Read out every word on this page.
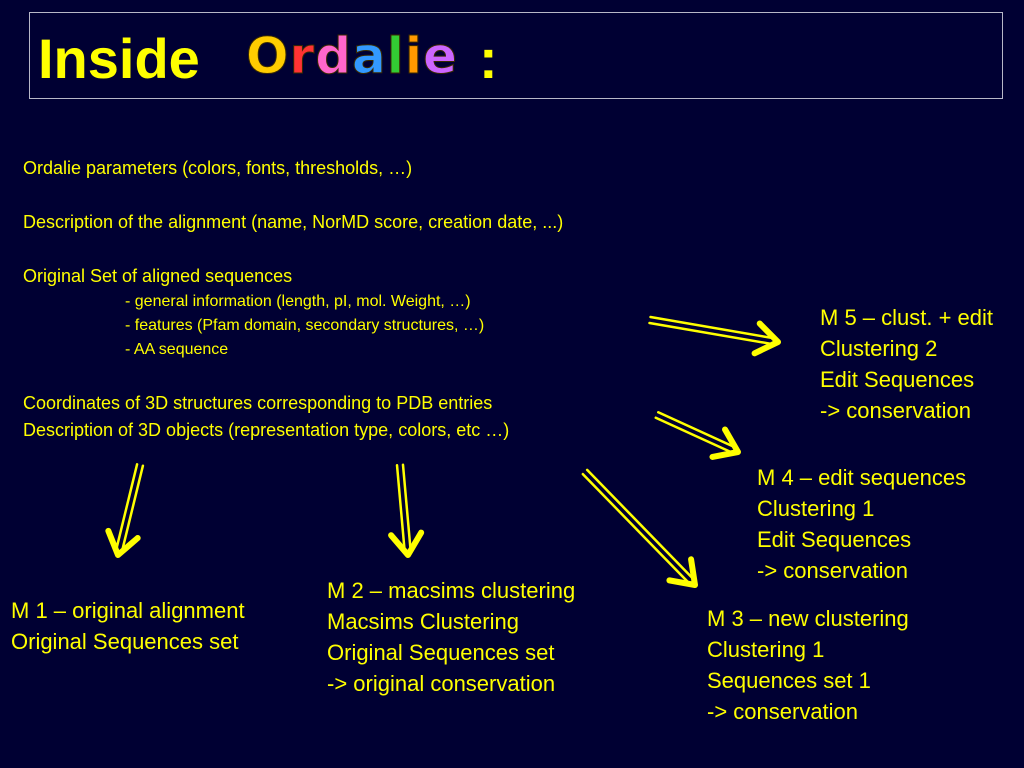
Inside Ordalie :
Ordalie parameters (colors, fonts, thresholds, …)
Description of the alignment (name, NorMD score, creation date, ...)
Original Set of aligned sequences
- general information (length, pI, mol. Weight, …)
- features (Pfam domain, secondary structures, …)
- AA sequence
Coordinates of 3D structures corresponding to PDB entries
Description of 3D objects (representation type, colors, etc …)
M 5 – clust. + edit
Clustering 2
Edit Sequences
-> conservation
M 4 – edit sequences
Clustering 1
Edit Sequences
-> conservation
M 3 – new clustering
Clustering 1
Sequences set 1
-> conservation
M 2 – macsims clustering
Macsims Clustering
Original Sequences set
-> original conservation
M 1 – original alignment
Original Sequences set
